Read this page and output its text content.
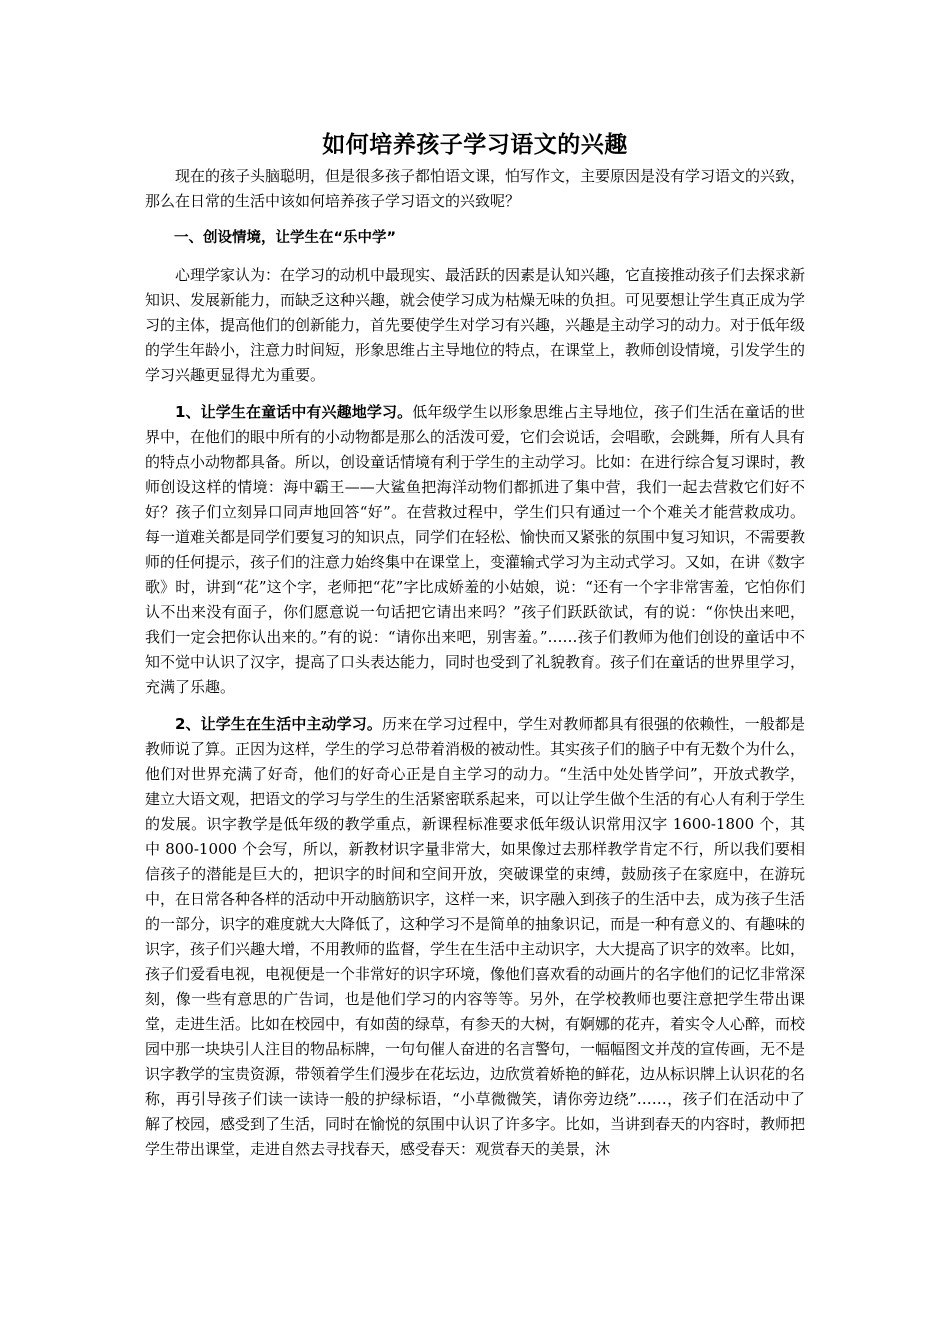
如何培养孩子学习语文的兴趣

现在的孩子头脑聪明，但是很多孩子都怕语文课，怕写作文，主要原因是没有学习语文的兴致，那么在日常的生活中该如何培养孩子学习语文的兴致呢？

一、创设情境，让学生在“乐中学”

心理学家认为：在学习的动机中最现实、最活跃的因素是认知兴趣，它直接推动孩子们去探求新知识、发展新能力，而缺乏这种兴趣，就会使学习成为枯燥无味的负担。可见要想让学生真正成为学习的主体，提高他们的创新能力，首先要使学生对学习有兴趣，兴趣是主动学习的动力。对于低年级的学生年龄小，注意力时间短，形象思维占主导地位的特点，在课堂上，教师创设情境，引发学生的学习兴趣更显得尤为重要。

1、让学生在童话中有兴趣地学习。低年级学生以形象思维占主导地位，孩子们生活在童话的世界中，在他们的眼中所有的小动物都是那么的活泼可爱，它们会说话，会唱歌，会跳舞，所有人具有的特点小动物都具备。所以，创设童话情境有利于学生的主动学习。比如：在进行综合复习课时，教师创设这样的情境：海中霸王——大鲨鱼把海洋动物们都抓进了集中营，我们一起去营救它们好不好？孩子们立刻异口同声地回答“好”。在营救过程中，学生们只有通过一个个难关才能营救成功。每一道难关都是同学们要复习的知识点，同学们在轻松、愉快而又紧张的氛围中复习知识，不需要教师的任何提示，孩子们的注意力始终集中在课堂上，变灌输式学习为主动式学习。又如，在讲《数字歌》时，讲到“花”这个字，老师把“花”字比成娇羞的小姑娘，说：“还有一个字非常害羞，它怕你们认不出来没有面子，你们愿意说一句话把它请出来吗？”孩子们跃跃欲试，有的说：“你快出来吧，我们一定会把你认出来的。”有的说：“请你出来吧，别害羞。”……孩子们教师为他们创设的童话中不知不觉中认识了汉字，提高了口头表达能力，同时也受到了礼貌教育。孩子们在童话的世界里学习，充满了乐趣。

2、让学生在生活中主动学习。历来在学习过程中，学生对教师都具有很强的依赖性，一般都是教师说了算。正因为这样，学生的学习总带着消极的被动性。其实孩子们的脑子中有无数个为什么，他们对世界充满了好奇，他们的好奇心正是自主学习的动力。“生活中处处皆学问”，开放式教学，建立大语文观，把语文的学习与学生的生活紧密联系起来，可以让学生做个生活的有心人有利于学生的发展。识字教学是低年级的教学重点，新课程标准要求低年级认识常用汉字 1600-1800 个，其中 800-1000 个会写，所以，新教材识字量非常大，如果像过去那样教学肯定不行，所以我们要相信孩子的潜能是巨大的，把识字的时间和空间开放，突破课堂的束缚，鼓励孩子在家庭中，在游玩中，在日常各种各样的活动中开动脑筋识字，这样一来，识字融入到孩子的生活中去，成为孩子生活的一部分，识字的难度就大大降低了，这种学习不是简单的抽象识记，而是一种有意义的、有趣味的识字，孩子们兴趣大增，不用教师的监督，学生在生活中主动识字，大大提高了识字的效率。比如，孩子们爱看电视，电视便是一个非常好的识字环境，像他们喜欢看的动画片的名字他们的记忆非常深刻，像一些有意思的广告词，也是他们学习的内容等等。另外，在学校教师也要注意把学生带出课堂，走进生活。比如在校园中，有如茵的绿草，有参天的大树，有婀娜的花卉，着实令人心醉，而校园中那一块块引人注目的物品标牌，一句句催人奋进的名言警句，一幅幅图文并茂的宣传画，无不是识字教学的宝贵资源，带领着学生们漫步在花坛边，边欣赏着娇艳的鲜花，边从标识牌上认识花的名称，再引导孩子们读一读诗一般的护绿标语，“小草微微笑，请你旁边绕”……，孩子们在活动中了解了校园，感受到了生活，同时在愉悦的氛围中认识了许多字。比如，当讲到春天的内容时，教师把学生带出课堂，走进自然去寻找春天，感受春天：观赏春天的美景，沐
